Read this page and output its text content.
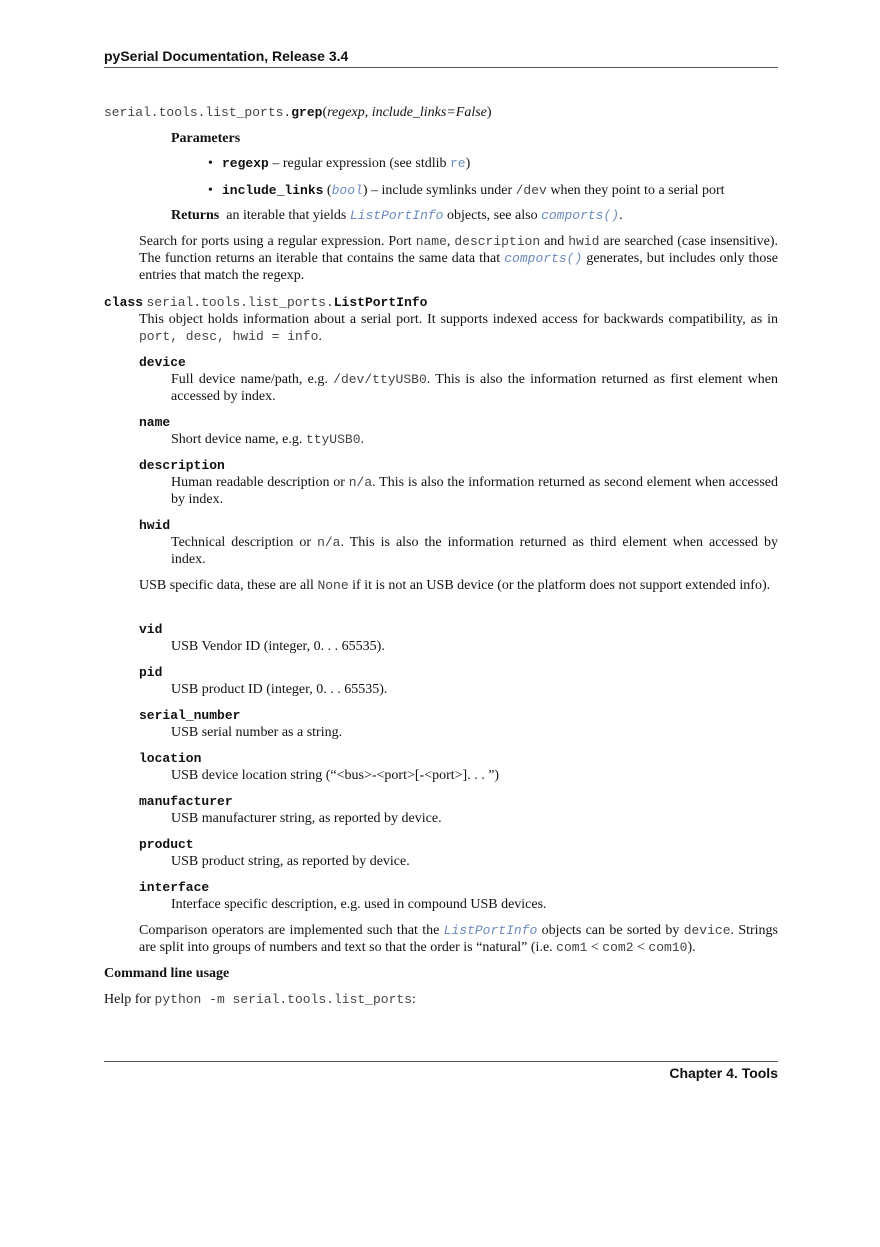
pySerial Documentation, Release 3.4
serial.tools.list_ports.grep(regexp, include_links=False)
Parameters
• regexp – regular expression (see stdlib re)
• include_links (bool) – include symlinks under /dev when they point to a serial port
Returns an iterable that yields ListPortInfo objects, see also comports().
Search for ports using a regular expression. Port name, description and hwid are searched (case insensitive). The function returns an iterable that contains the same data that comports() generates, but includes only those entries that match the regexp.
class serial.tools.list_ports.ListPortInfo
This object holds information about a serial port. It supports indexed access for backwards compatibility, as in port, desc, hwid = info.
device
Full device name/path, e.g. /dev/ttyUSB0. This is also the information returned as first element when accessed by index.
name
Short device name, e.g. ttyUSB0.
description
Human readable description or n/a. This is also the information returned as second element when accessed by index.
hwid
Technical description or n/a. This is also the information returned as third element when accessed by index.
USB specific data, these are all None if it is not an USB device (or the platform does not support extended info).
vid
USB Vendor ID (integer, 0. . . 65535).
pid
USB product ID (integer, 0. . . 65535).
serial_number
USB serial number as a string.
location
USB device location string (“<bus>-<port>[-<port>]. . . ”)
manufacturer
USB manufacturer string, as reported by device.
product
USB product string, as reported by device.
interface
Interface specific description, e.g. used in compound USB devices.
Comparison operators are implemented such that the ListPortInfo objects can be sorted by device. Strings are split into groups of numbers and text so that the order is “natural” (i.e. com1 < com2 < com10).
Command line usage
Help for python -m serial.tools.list_ports:
Chapter 4. Tools
